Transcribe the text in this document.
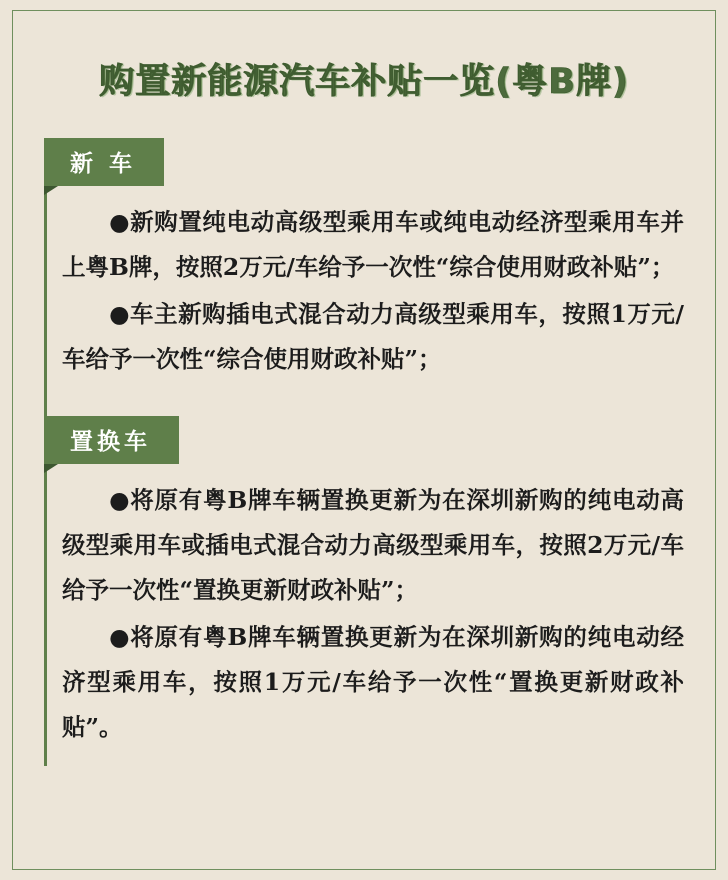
购置新能源汽车补贴一览(粤B牌)
新 车

●新购置纯电动高级型乘用车或纯电动经济型乘用车并上粤B牌，按照2万元/车给予一次性“综合使用财政补贴”；

●车主新购插电式混合动力高级型乘用车，按照1万元/车给予一次性“综合使用财政补贴”；

置换车

●将原有粤B牌车辆置换更新为在深圳新购的纯电动高级型乘用车或插电式混合动力高级型乘用车，按照2万元/车给予一次性“置换更新财政补贴”；

●将原有粤B牌车辆置换更新为在深圳新购的纯电动经济型乘用车，按照1万元/车给予一次性“置换更新财政补贴”。
